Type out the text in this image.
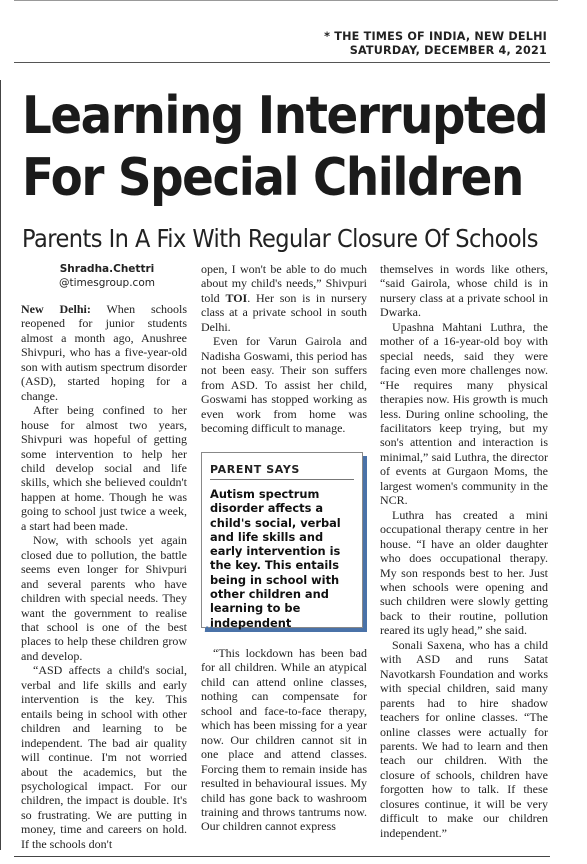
* THE TIMES OF INDIA, NEW DELHI
SATURDAY, DECEMBER 4, 2021
Learning Interrupted
For Special Children
Parents In A Fix With Regular Closure Of Schools
Shradha.Chettri
@timesgroup.com

New Delhi: When schools reopened for junior students almost a month ago, Anushree Shivpuri, who has a five-year-old son with autism spectrum disorder (ASD), started hoping for a change.

After being confined to her house for almost two years, Shivpuri was hopeful of getting some intervention to help her child develop social and life skills, which she believed couldn't happen at home. Though he was going to school just twice a week, a start had been made.

Now, with schools yet again closed due to pollution, the battle seems even longer for Shivpuri and several parents who have children with special needs. They want the government to realise that school is one of the best places to help these children grow and develop.

“ASD affects a child's social, verbal and life skills and early intervention is the key. This entails being in school with other children and learning to be independent. The bad air quality will continue. I'm not worried about the academics, but the psychological impact. For our children, the impact is double. It's so frustrating. We are putting in money, time and careers on hold. If the schools don't

open, I won't be able to do much about my child's needs,” Shivpuri told TOI. Her son is in nursery class at a private school in south Delhi.

Even for Varun Gairola and Nadisha Goswami, this period has not been easy. Their son suffers from ASD. To assist her child, Goswami has stopped working as even work from home was becoming difficult to manage.

PARENT SAYS
Autism spectrum disorder affects a child's social, verbal and life skills and early intervention is the key. This entails being in school with other children and learning to be independent
”

“This lockdown has been bad for all children. While an atypical child can attend online classes, nothing can compensate for school and face-to-face therapy, which has been missing for a year now. Our children cannot sit in one place and attend classes. Forcing them to remain inside has resulted in behavioural issues. My child has gone back to washroom training and throws tantrums now. Our children cannot express

themselves in words like others, “said Gairola, whose child is in nursery class at a private school in Dwarka.

Upashna Mahtani Luthra, the mother of a 16-year-old boy with special needs, said they were facing even more challenges now. “He requires many physical therapies now. His growth is much less. During online schooling, the facilitators keep trying, but my son's attention and interaction is minimal,” said Luthra, the director of events at Gurgaon Moms, the largest women's community in the NCR.

Luthra has created a mini occupational therapy centre in her house. “I have an older daughter who does occupational therapy. My son responds best to her. Just when schools were opening and such children were slowly getting back to their routine, pollution reared its ugly head,” she said.

Sonali Saxena, who has a child with ASD and runs Satat Navotkarsh Foundation and works with special children, said many parents had to hire shadow teachers for online classes. “The online classes were actually for parents. We had to learn and then teach our children. With the closure of schools, children have forgotten how to talk. If these closures continue, it will be very difficult to make our children independent.”
